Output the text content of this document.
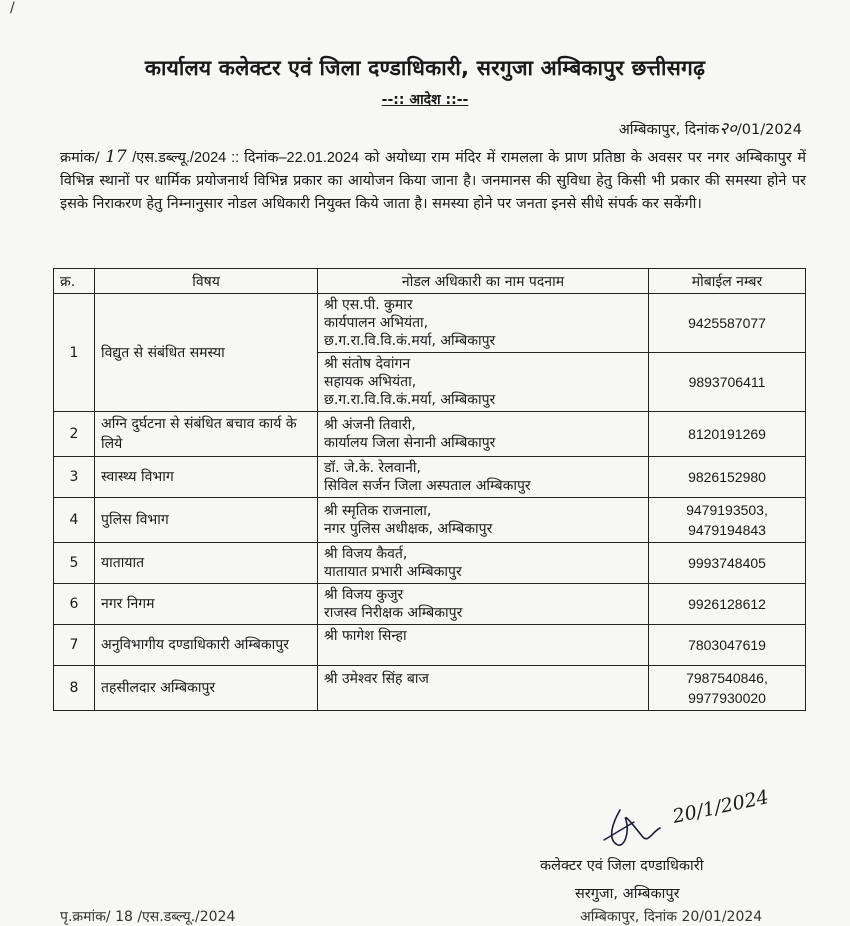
/
कार्यालय कलेक्टर एवं जिला दण्डाधिकारी, सरगुजा अम्बिकापुर छत्तीसगढ़
--:: आदेश ::--
अम्बिकापुर, दिनांक२०/01/2024

क्रमांक/ 17 /एस.डब्ल्यू./2024 :: दिनांक–22.01.2024 को अयोध्या राम मंदिर में रामलला के प्राण प्रतिष्ठा के अवसर पर नगर अम्बिकापुर में विभिन्न स्थानों पर धार्मिक प्रयोजनार्थ विभिन्न प्रकार का आयोजन किया जाना है। जनमानस की सुविधा हेतु किसी भी प्रकार की समस्या होने पर इसके निराकरण हेतु निम्नानुसार नोडल अधिकारी नियुक्त किये जाता है। समस्या होने पर जनता इनसे सीधे संपर्क कर सकेंगी।

क्र.	विषय	नोडल अधिकारी का नाम पदनाम	मोबाईल नम्बर
1	विद्युत से संबंधित समस्या	श्री एस.पी. कुमार
कार्यपालन अभियंता,
छ.ग.रा.वि.वि.कं.मर्या, अम्बिकापुर	9425587077

		श्री संतोष देवांगन
सहायक अभियंता,
छ.ग.रा.वि.वि.कं.मर्या, अम्बिकापुर	9893706411

2	अग्नि दुर्घटना से संबंधित बचाव कार्य के लिये	श्री अंजनी तिवारी,
कार्यालय जिला सेनानी अम्बिकापुर	8120191269

3	स्वास्थ्य विभाग	डॉ. जे.के. रेलवानी,
सिविल सर्जन जिला अस्पताल अम्बिकापुर	9826152980

4	पुलिस विभाग	श्री स्मृतिक राजनाला,
नगर पुलिस अधीक्षक, अम्बिकापुर	9479193503,
9479194843

5	यातायात	श्री विजय कैवर्त,
यातायात प्रभारी अम्बिकापुर	9993748405

6	नगर निगम	श्री विजय कुजुर
राजस्व निरीक्षक अम्बिकापुर	9926128612

7	अनुविभागीय दण्डाधिकारी अम्बिकापुर	श्री फागेश सिन्हा	7803047619

8	तहसीलदार अम्बिकापुर	श्री उमेश्वर सिंह बाज	7987540846,
9977930020
20/1/2024
कलेक्टर एवं जिला दण्डाधिकारी
सरगुजा, अम्बिकापुर
पृ.क्रमांक/ 18 /एस.डब्ल्यू./2024	अम्बिकापुर, दिनांक 20/01/2024
